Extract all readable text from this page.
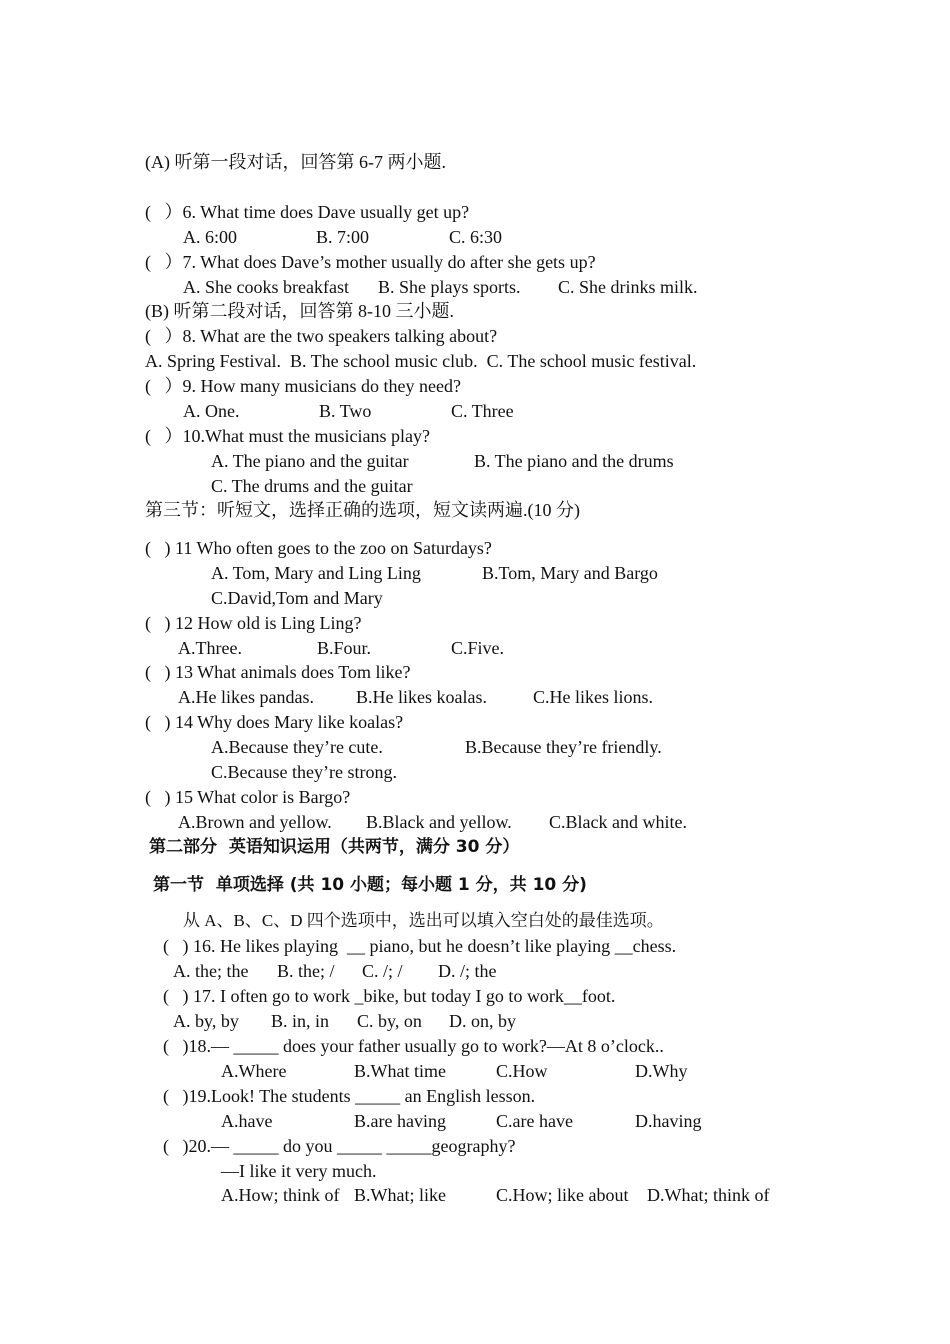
(A) 听第一段对话，回答第 6-7 两小题.
(   ）6. What time does Dave usually get up?
A. 6:00	B. 7:00	C. 6:30
(   ）7. What does Dave’s mother usually do after she gets up?
A. She cooks breakfast B. She plays sports. C. She drinks milk.
(B) 听第二段对话，回答第 8-10 三小题.
(   ）8. What are the two speakers talking about?
A. Spring Festival.  B. The school music club.  C. The school music festival.
(   ）9. How many musicians do they need?
A. One.	B. Two	C. Three
(   ）10.What must the musicians play?
A. The piano and the guitar	B. The piano and the drums
C. The drums and the guitar
第三节：听短文，选择正确的选项，短文读两遍.(10 分)
(   ) 11 Who often goes to the zoo on Saturdays?
A. Tom, Mary and Ling Ling	B.Tom, Mary and Bargo
C.David,Tom and Mary
(   ) 12 How old is Ling Ling?
A.Three.	B.Four.	C.Five.
(   ) 13 What animals does Tom like?
A.He likes pandas. B.He likes koalas.	C.He likes lions.
(   ) 14 Why does Mary like koalas?
A.Because they’re cute.	B.Because they’re friendly.
C.Because they’re strong.
(   ) 15 What color is Bargo?
A.Brown and yellow. B.Black and yellow. C.Black and white.
第二部分  英语知识运用（共两节，满分 30 分）
第一节  单项选择 (共 10 小题；每小题 1 分，共 10 分)
从 A、B、C、D 四个选项中，选出可以填入空白处的最佳选项。
(   ) 16. He likes playing  __ piano, but he doesn’t like playing __chess.
A. the; the B. the; / C. /; / D. /; the
(   ) 17. I often go to work _bike, but today I go to work__foot.
A. by, by B. in, in C. by, on D. on, by
(   )18.— _____ does your father usually go to work?—At 8 o’clock..
A.Where	B.What time	C.How	D.Why
(   )19.Look! The students _____ an English lesson.
A.have	B.are having	C.are have	D.having
(   )20.— _____ do you _____ _____geography?
—I like it very much.
A.How; think of B.What; like	C.How; like about D.What; think of
